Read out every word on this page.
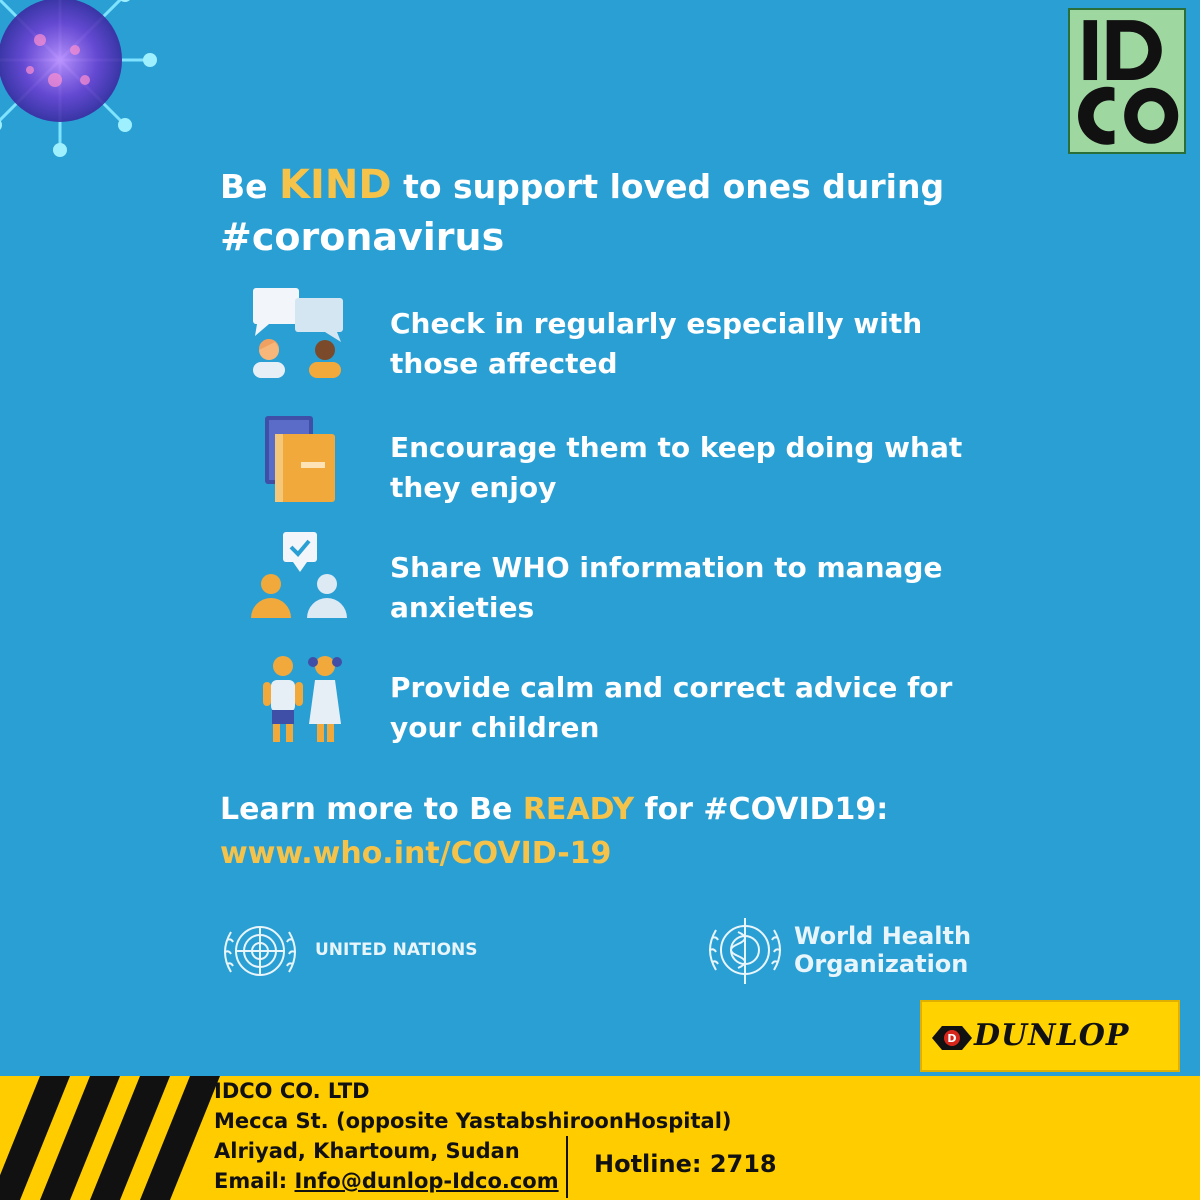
Be KIND to support loved ones during
#coronavirus
Check in regularly especially with those affected
Encourage them to keep doing what they enjoy
Share WHO information to manage anxieties
Provide calm and correct advice for your children
Learn more to Be READY for #COVID19:
www.who.int/COVID-19
UNITED NATIONS	World Health
Organization
D DUNLOP
IDCO CO. LTD
Mecca St. (opposite YastabshiroonHospital)
Alriyad, Khartoum, Sudan
Email: Info@dunlop-Idco.com
Hotline: 2718
